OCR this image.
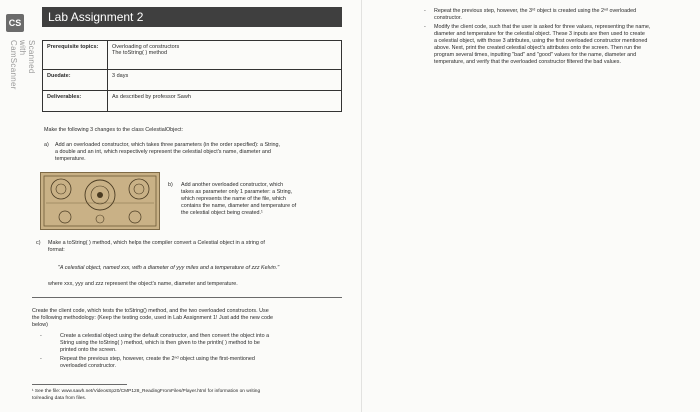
CS
Scanned with CamScanner
Lab Assignment 2
Prerequisite topics:	Overloading of constructors
The toString( ) method

Duedate:	3 days
Deliverables:	As described by professor Sawh
Make the following 3 changes to the class CelestialObject:
a) Add an overloaded constructor, which takes three parameters (in the order specified): a String,
a double and an int, which respectively represent the celestial object's name, diameter and
temperature.
b) Add another overloaded constructor, which
takes as parameter only 1 parameter: a String,
which represents the name of the file, which
contains the name, diameter and temperature of
the celestial object being created.¹
c) Make a toString( ) method, which helps the compiler convert a Celestial object in a string of
format:
"A celestial object, named xxx, with a diameter of yyy miles and a temperature of zzz Kelvin."
where xxx, yyy and zzz represent the object's name, diameter and temperature.
Create the client code, which tests the toString() method, and the two overloaded constructors. Use
the following methodology: (Keep the testing code, used in Lab Assignment 1! Just add the new code
below)
-	Create a celestial object using the default constructor, and then convert the object into a
String using the toString( ) method, which is then given to the println( ) method to be
printed onto the screen.
-	Repeat the previous step, however, create the 2ⁿᵈ object using the first-mentioned
overloaded constructor.
¹ See the file: www.sawh.net/VideosSp20/CMP128_ReadingFromFiles/Player.html for information on writing
to/reading data from files.
- Repeat the previous step, however, the 3ʳᵈ object is created using the 2ⁿᵈ overloaded
constructor.
- Modify the client code, such that the user is asked for three values, representing the name,
diameter and temperature for the celestial object. These 3 inputs are then used to create
a celestial object, with those 3 attributes, using the first overloaded constructor mentioned
above. Next, print the created celestial object's attributes onto the screen. Then run the
program several times, inputting "bad" and "good" values for the name, diameter and
temperature, and verify that the overloaded constructor filtered the bad values.
